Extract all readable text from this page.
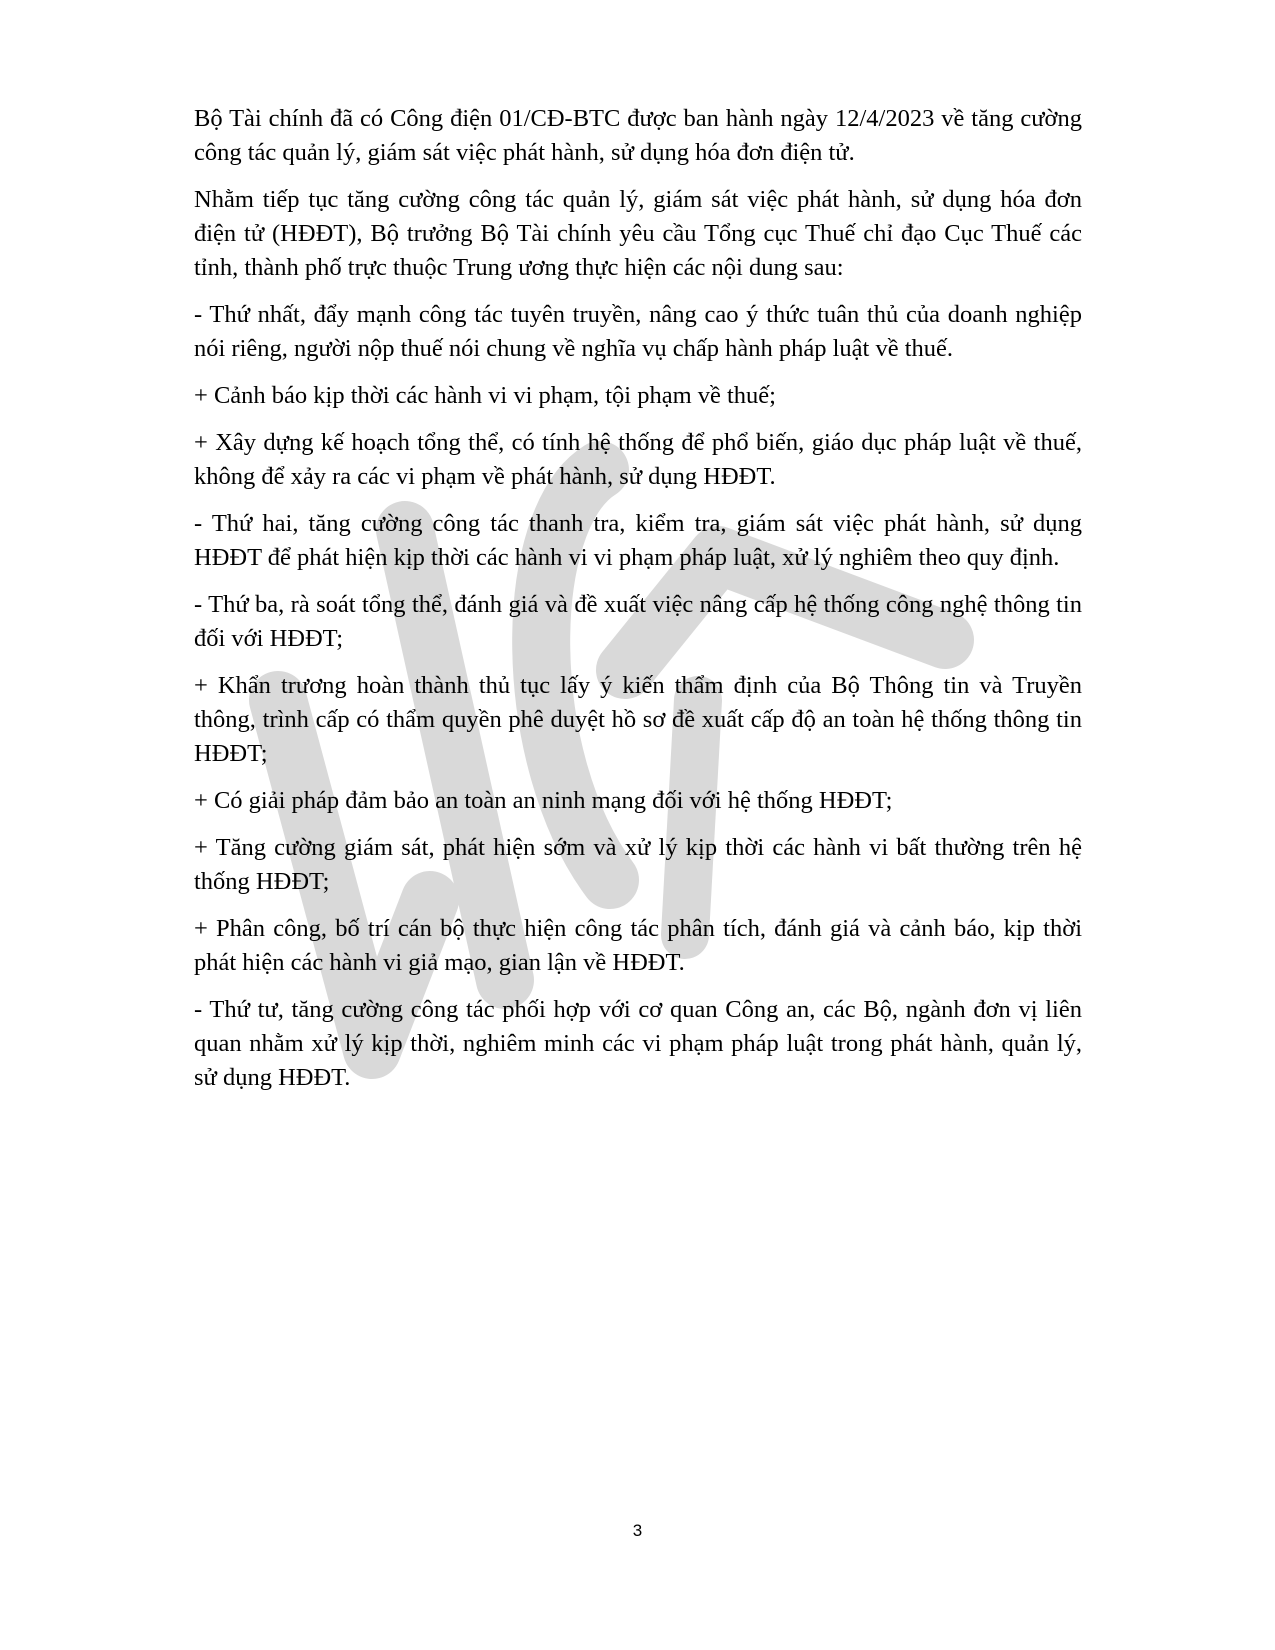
Bộ Tài chính đã có Công điện 01/CĐ-BTC được ban hành ngày 12/4/2023 về tăng cường công tác quản lý, giám sát việc phát hành, sử dụng hóa đơn điện tử.

Nhằm tiếp tục tăng cường công tác quản lý, giám sát việc phát hành, sử dụng hóa đơn điện tử (HĐĐT), Bộ trưởng Bộ Tài chính yêu cầu Tổng cục Thuế chỉ đạo Cục Thuế các tỉnh, thành phố trực thuộc Trung ương thực hiện các nội dung sau:

- Thứ nhất, đẩy mạnh công tác tuyên truyền, nâng cao ý thức tuân thủ của doanh nghiệp nói riêng, người nộp thuế nói chung về nghĩa vụ chấp hành pháp luật về thuế.

+ Cảnh báo kịp thời các hành vi vi phạm, tội phạm về thuế;

+ Xây dựng kế hoạch tổng thể, có tính hệ thống để phổ biến, giáo dục pháp luật về thuế, không để xảy ra các vi phạm về phát hành, sử dụng HĐĐT.

- Thứ hai, tăng cường công tác thanh tra, kiểm tra, giám sát việc phát hành, sử dụng HĐĐT để phát hiện kịp thời các hành vi vi phạm pháp luật, xử lý nghiêm theo quy định.

- Thứ ba, rà soát tổng thể, đánh giá và đề xuất việc nâng cấp hệ thống công nghệ thông tin đối với HĐĐT;

+ Khẩn trương hoàn thành thủ tục lấy ý kiến thẩm định của Bộ Thông tin và Truyền thông, trình cấp có thẩm quyền phê duyệt hồ sơ đề xuất cấp độ an toàn hệ thống thông tin HĐĐT;

+ Có giải pháp đảm bảo an toàn an ninh mạng đối với hệ thống HĐĐT;

+ Tăng cường giám sát, phát hiện sớm và xử lý kịp thời các hành vi bất thường trên hệ thống HĐĐT;

+ Phân công, bố trí cán bộ thực hiện công tác phân tích, đánh giá và cảnh báo, kịp thời phát hiện các hành vi giả mạo, gian lận về HĐĐT.

- Thứ tư, tăng cường công tác phối hợp với cơ quan Công an, các Bộ, ngành đơn vị liên quan nhằm xử lý kịp thời, nghiêm minh các vi phạm pháp luật trong phát hành, quản lý, sử dụng HĐĐT.

3
